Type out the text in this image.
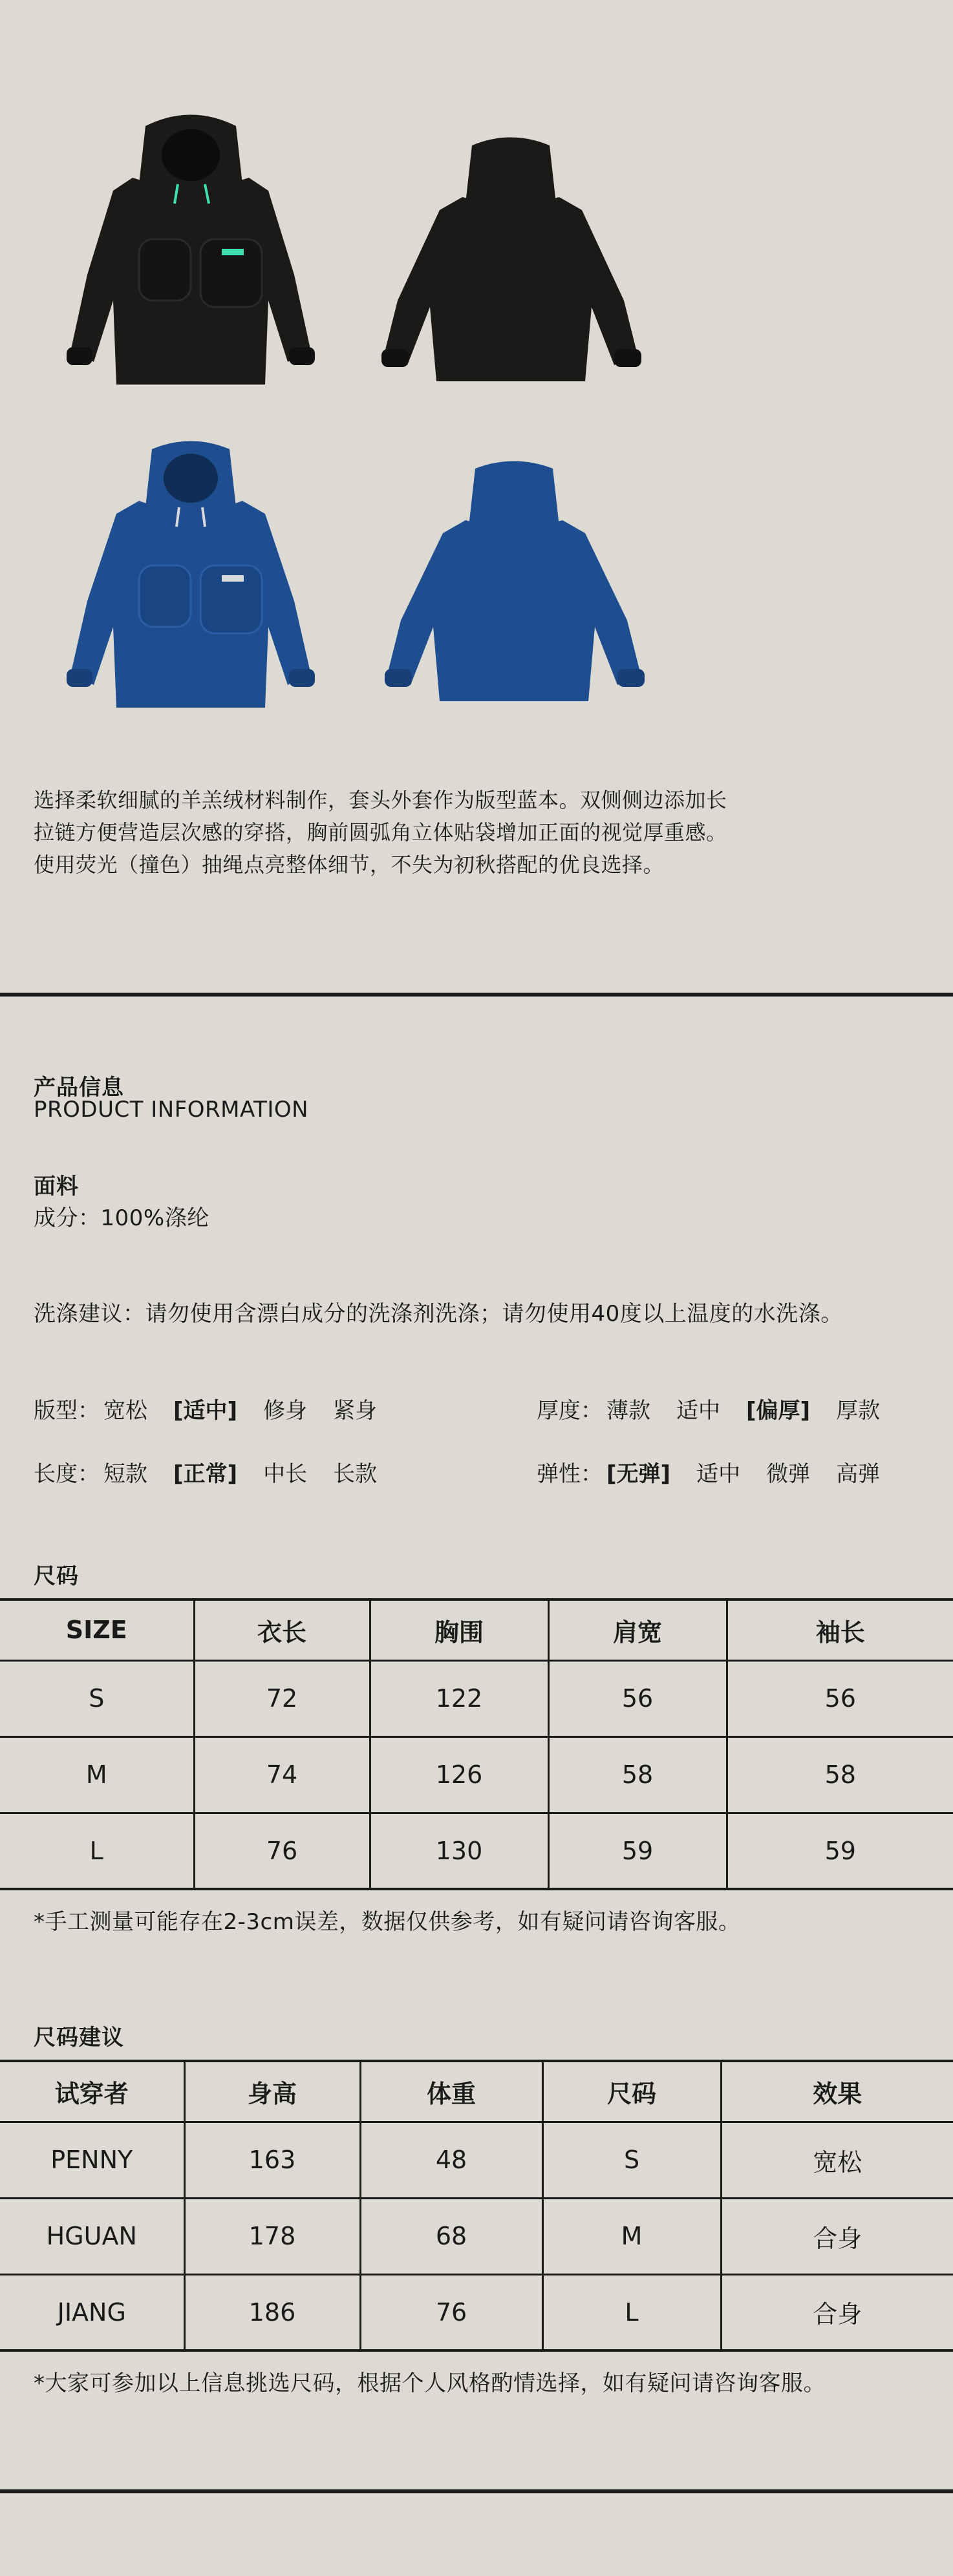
选择柔软细腻的羊羔绒材料制作，套头外套作为版型蓝本。双侧侧边添加长

拉链方便营造层次感的穿搭，胸前圆弧角立体贴袋增加正面的视觉厚重感。

使用荧光（撞色）抽绳点亮整体细节，不失为初秋搭配的优良选择。

产品信息
PRODUCT INFORMATION
面料
成分：100%涤纶
洗涤建议：请勿使用含漂白成分的洗涤剂洗涤；请勿使用40度以上温度的水洗涤。
版型： 宽松 [适中] 修身 紧身	厚度： 薄款 适中 [偏厚] 厚款
长度： 短款 [正常] 中长 长款	弹性： [无弹] 适中 微弹 高弹
尺码
SIZE	衣长	胸围	肩宽	袖长
S	72	122	56	56
M	74	126	58	58
L	76	130	59	59
*手工测量可能存在2-3cm误差，数据仅供参考，如有疑问请咨询客服。
尺码建议
试穿者	身高	体重	尺码	效果
PENNY	163	48	S	宽松
HGUAN	178	68	M	合身
JIANG	186	76	L	合身
*大家可参加以上信息挑选尺码，根据个人风格酌情选择，如有疑问请咨询客服。
